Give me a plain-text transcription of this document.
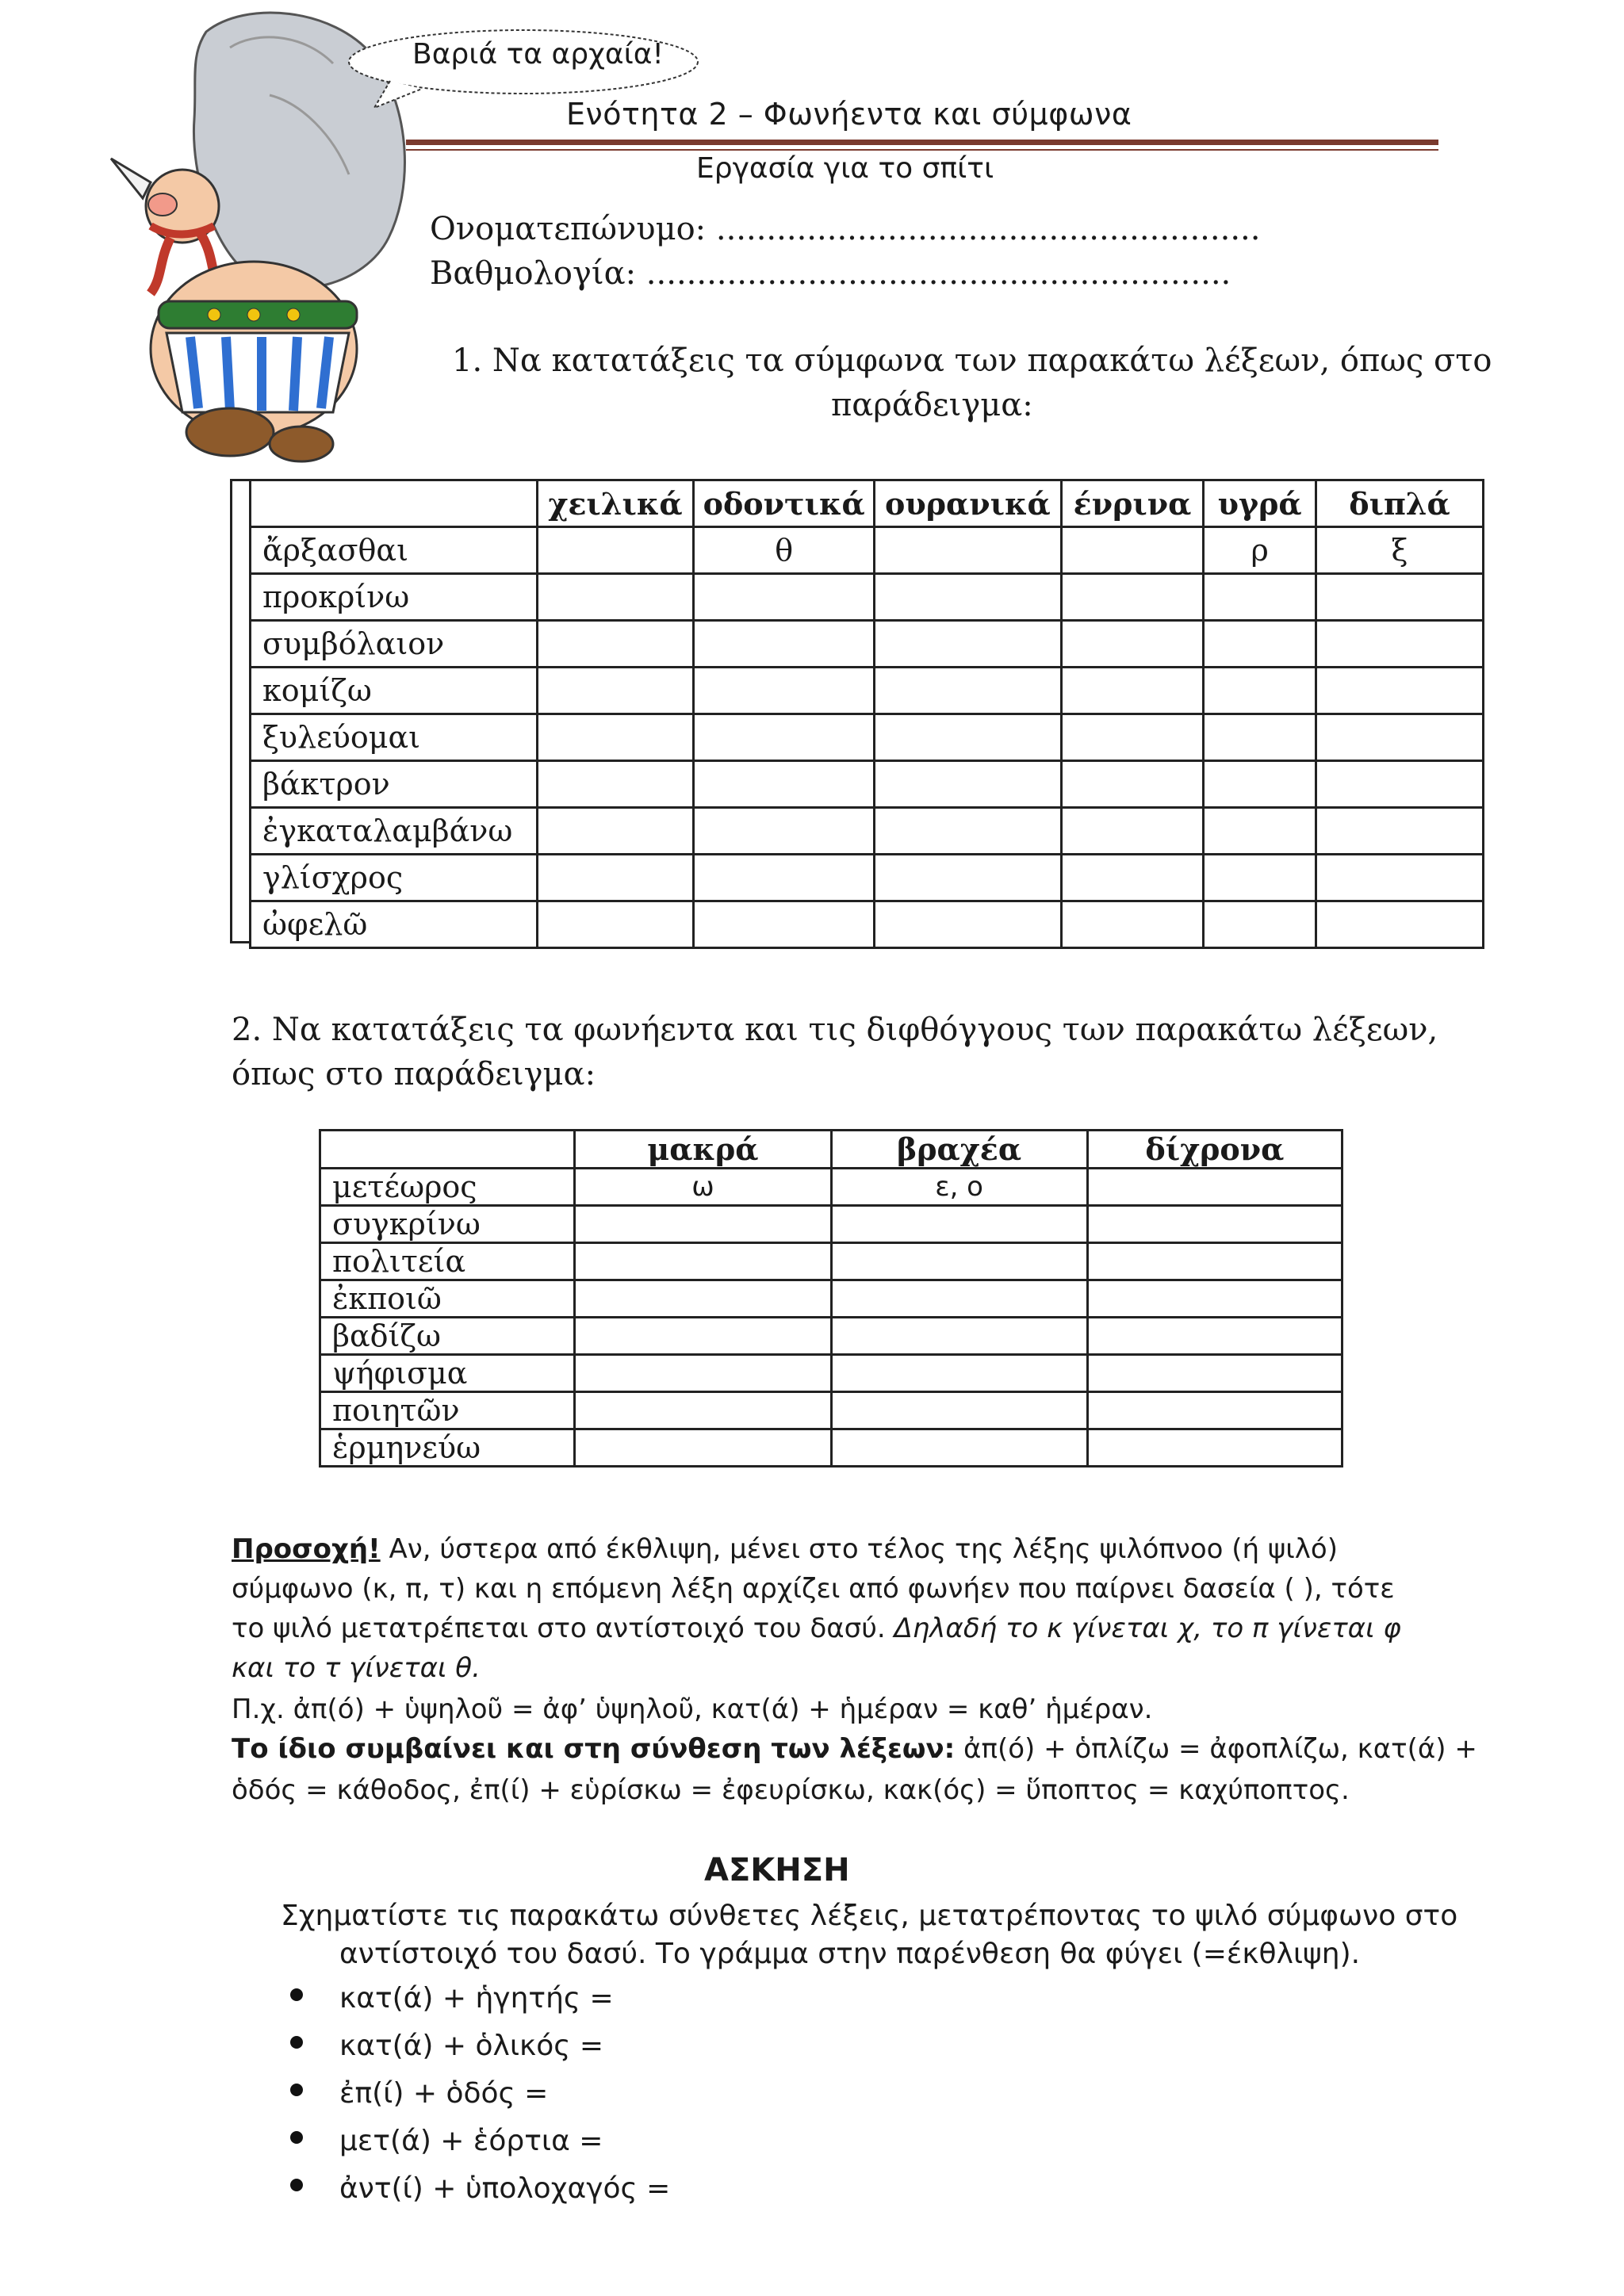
Βαριά τα αρχαία!
Ενότητα 2 – Φωνήεντα και σύμφωνα
Εργασία για το σπίτι
Ονοματεπώνυμο: ......................................................
Βαθμολογία: ..........................................................
1. Να κατατάξεις τα σύμφωνα των παρακάτω λέξεων, όπως στο
παράδειγμα:
	χειλικά	οδοντικά	ουρανικά	ένρινα	υγρά	διπλά
ἄρξασθαι		θ			ρ	ξ
προκρίνω						
συμβόλαιον						
κομίζω						
ξυλεύομαι						
βάκτρον						
ἐγκαταλαμβάνω						
γλίσχρος						
ὠφελῶ						
2. Να κατατάξεις τα φωνήεντα και τις διφθόγγους των παρακάτω λέξεων,
όπως στο παράδειγμα:
	μακρά	βραχέα	δίχρονα
μετέωρος	ω	ε, ο	
συγκρίνω			
πολιτεία			
ἐκποιῶ			
βαδίζω			
ψήφισμα			
ποιητῶν			
ἑρμηνεύω			
Προσοχή! Αν, ύστερα από έκθλιψη, μένει στο τέλος της λέξης ψιλόπνοο (ή ψιλό)
σύμφωνο (κ, π, τ) και η επόμενη λέξη αρχίζει από φωνήεν που παίρνει δασεία ( ), τότε
το ψιλό μετατρέπεται στο αντίστοιχό του δασύ. Δηλαδή το κ γίνεται χ, το π γίνεται φ
και το τ γίνεται θ.
Π.χ. ἀπ(ό) + ὑψηλοῦ = ἀφ’ ὑψηλοῦ, κατ(ά) + ἡμέραν = καθ’ ἡμέραν.
Το ίδιο συμβαίνει και στη σύνθεση των λέξεων: ἀπ(ό) + ὁπλίζω = ἀφοπλίζω, κατ(ά) +
ὁδός = κάθοδος, ἐπ(ί) + εὑρίσκω = ἐφευρίσκω, κακ(ός) = ὕποπτος = καχύποπτος.
ΑΣΚΗΣΗ
Σχηματίστε τις παρακάτω σύνθετες λέξεις, μετατρέποντας το ψιλό σύμφωνο στο
αντίστοιχό του δασύ. Το γράμμα στην παρένθεση θα φύγει (=έκθλιψη).
κατ(ά) + ἡγητής =
κατ(ά) + ὁλικός =
ἐπ(ί) + ὁδός =
μετ(ά) + ἑόρτια =
ἀντ(ί) + ὑπολοχαγός =
